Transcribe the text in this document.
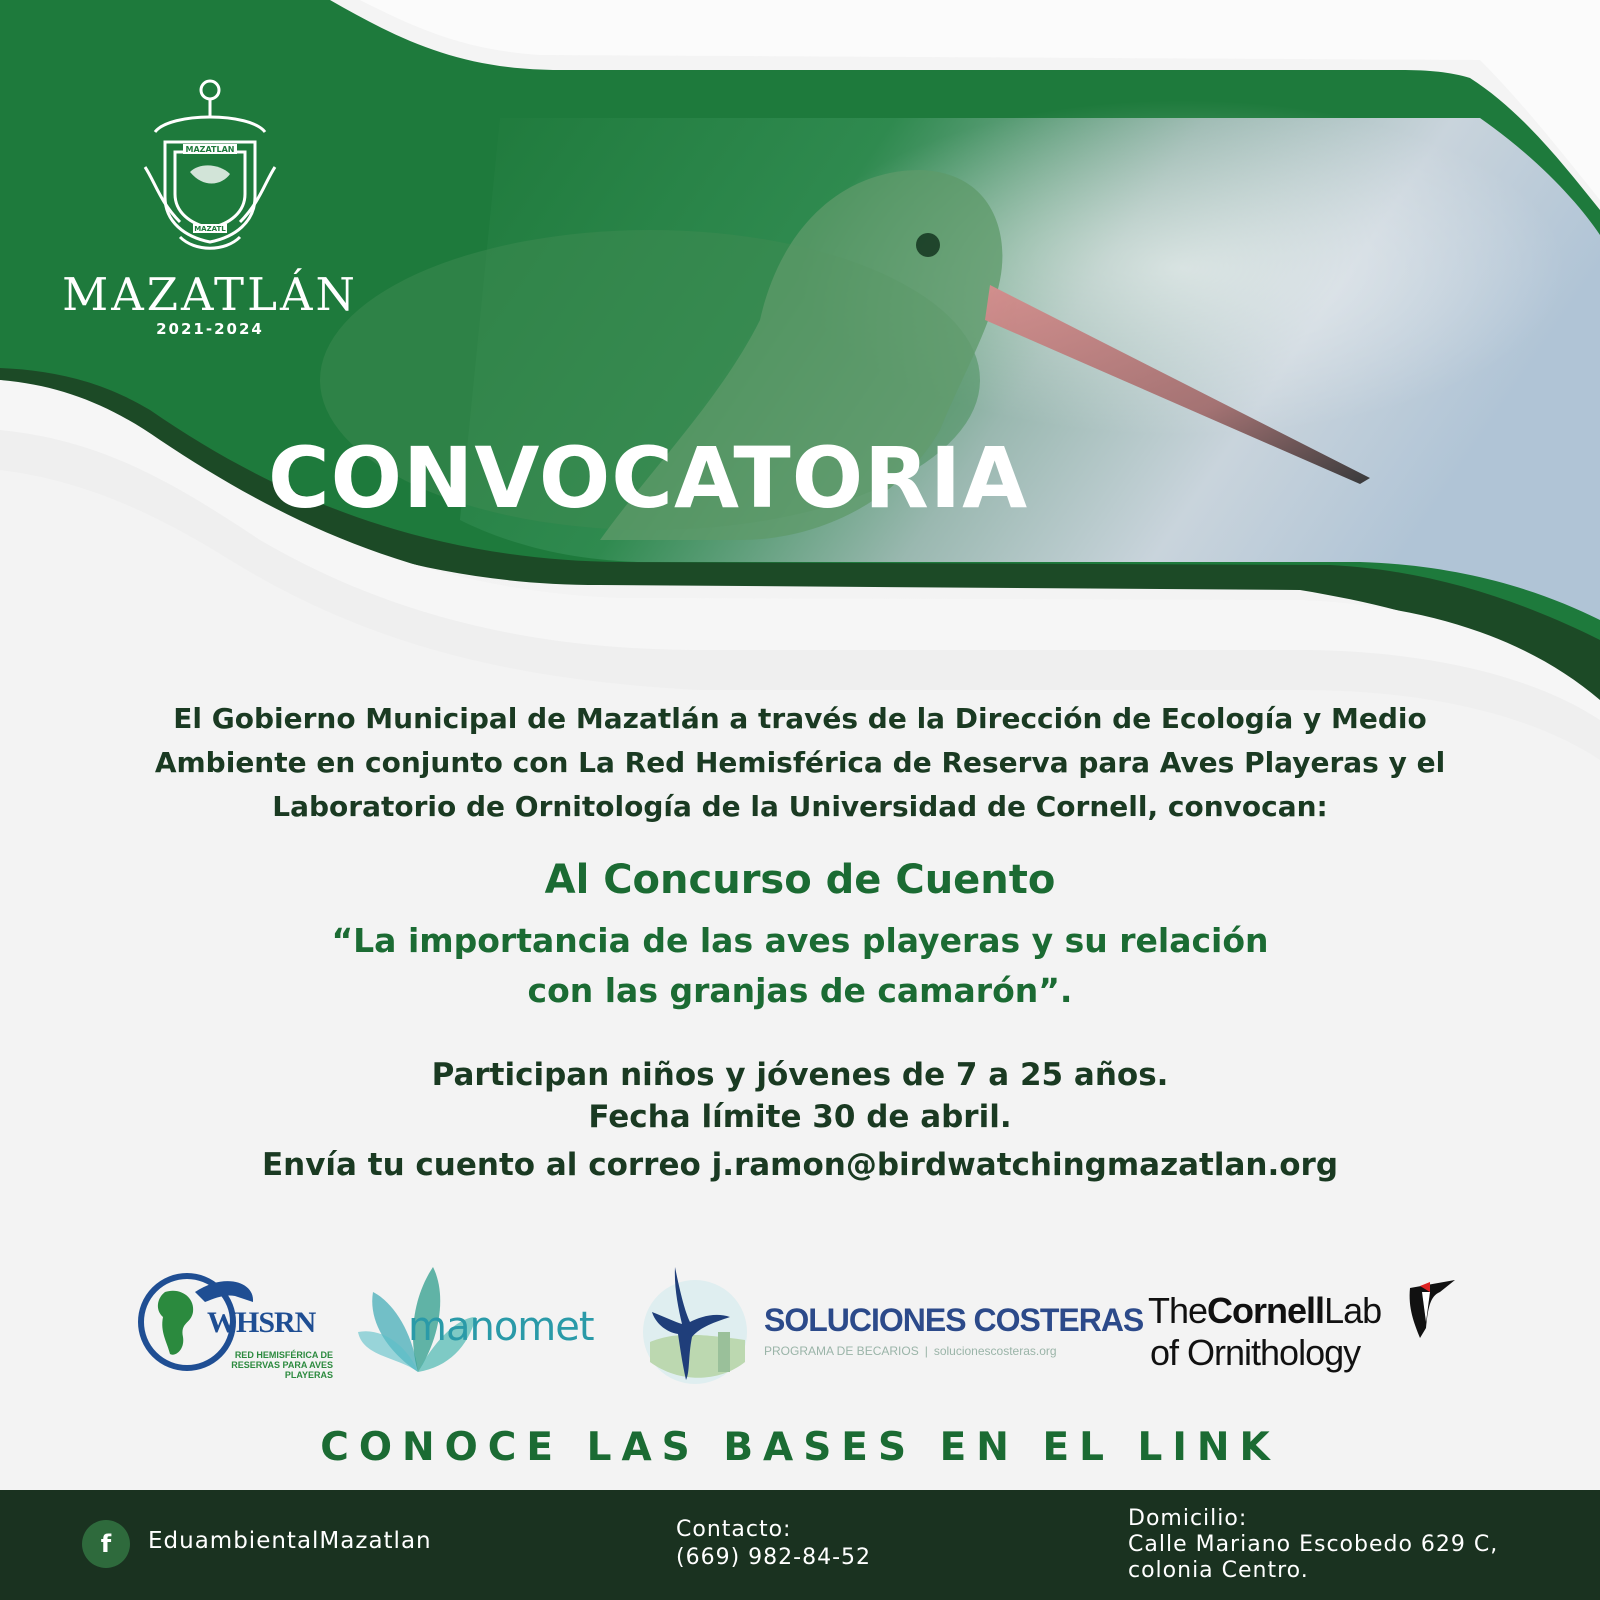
MAZATLAN
MAZATL
MAZATLÁN
2021-2024
CONVOCATORIA

El Gobierno Municipal de Mazatlán a través de la Dirección de Ecología y Medio
Ambiente en conjunto con La Red Hemisférica de Reserva para Aves Playeras y el
Laboratorio de Ornitología de la Universidad de Cornell, convocan:

Al Concurso de Cuento
“La importancia de las aves playeras y su relación
con las granjas de camarón”.
Participan niños y jóvenes de 7 a 25 años.
Fecha límite 30 de abril.
Envía tu cuento al correo j.ramon@birdwatchingmazatlan.org
WHSRN
RED HEMISFÉRICA DE
RESERVAS PARA AVES PLAYERAS
manomet	SOLUCIONES COSTERAS
PROGRAMA DE BECARIOS | solucionescosteras.org
TheCornellLab
of Ornithology
CONOCE LAS BASES EN EL LINK
f EduambientalMazatlan	Contacto:
(669) 982-84-52
Domicilio:
Calle Mariano Escobedo 629 C,
colonia Centro.
